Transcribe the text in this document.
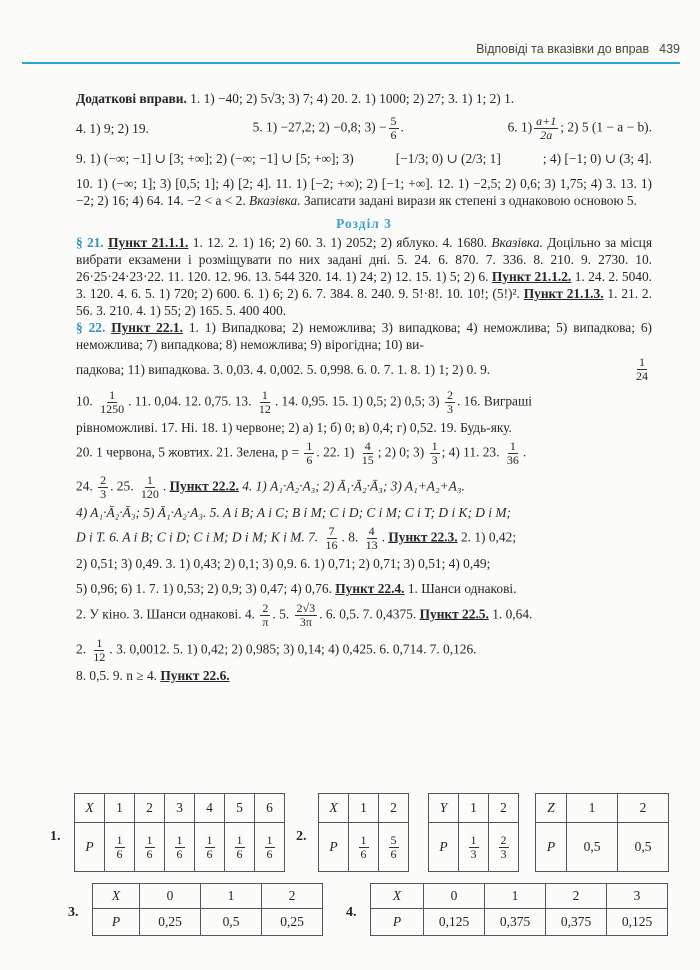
Відповіді та вказівки до вправ 439
Додаткові вправи. 1. 1) −40; 2) 5√3; 3) 7; 4) 20. 2. 1) 1000; 2) 27; 3. 1) 1; 2) 1.
4. 1) 9; 2) 19.	5. 1) −27,2; 2) −0,8; $3) - \frac{5}{6}$ .	6. $1) \frac{a+1}{2a}$ ; 2) 5 (1 − a − b).
9. 1) (−∞; −1] ∪ [3; +∞]; 2) (−∞; −1] ∪ [5; +∞]; 3)	[−1/3; 0) ∪ (2/3; 1]	; 4) [−1; 0) ∪ (3; 4].

10. 1) (−∞; 1]; 3) [0,5; 1]; 4) [2; 4]. 11. 1) [−2; +∞); 2) [−1; +∞]. 12. 1) −2,5; 2) 0,6; 3) 1,75; 4) 3. 13. 1) −2; 2) 16; 4) 64. 14. −2 < a < 2. Вказівка. Записати задані вирази як степені з однаковою основою 5.

Розділ 3

§ 21. Пункт 21.1.1. 1. 12. 2. 1) 16; 2) 60. 3. 1) 2052; 2) яблуко. 4. 1680. Вказівка. Доцільно за місця вибрати екзамени і розміщувати по них задані дні. 5. 24. 6. 870. 7. 336. 8. 210. 9. 2730. 10. 26·25·24·23·22. 11. 120. 12. 96. 13. 544 320. 14. 1) 24; 2) 12. 15. 1) 5; 2) 6. Пункт 21.1.2. 1. 24. 2. 5040. 3. 120. 4. 6. 5. 1) 720; 2) 600. 6. 1) 6; 2) 6. 7. 384. 8. 240. 9. 5!·8!. 10. 10!; (5!)². Пункт 21.1.3. 1. 21. 2. 56. 3. 210. 4. 1) 55; 2) 165. 5. 400 400.

§ 22. Пункт 22.1. 1. 1) Випадкова; 2) неможлива; 3) випадкова; 4) неможлива; 5) випадкова; 6) неможлива; 7) випадкова; 8) неможлива; 9) вірогідна; 10) ви-

падкова; 11) випадкова. 3. 0,03. 4. 0,002. 5. 0,998. 6. 0. 7. 1. 8. 1) 1; 2) 0. 9.	$\frac{1}{24}$
10. $\frac{1}{1250}$ . 11. 0,04. 12. 0,75. 13. $\frac{1}{12}$ . 14. 0,95. 15. 1) 0,5; 2) 0,5; $3) \frac{2}{3}$ . 16. Виграші
рівноможливі. 17. Ні. 18. 1) червоне; 2) а) 1; б) 0; в) 0,4; г) 0,52. 19. Будь-яку.
20. 1 червона, 5 жовтих. 21. Зелена, $p = \frac{1}{6}$ . 22. $1) \frac{4}{15}$ ; 2) 0; $3) \frac{1}{3}$ ; 4) 11. 23. $\frac{1}{36}$ .
24. $\frac{2}{3}$ . 25. $\frac{1}{120}$ . Пункт 22.2. 4. 1) A₁·A₂·A₃; 2) Ā₁·Ā₂·Ā₃; 3) A₁+A₂+A₃.
4) A₁·Ā₂·Ā₃; 5) Ā₁·A₂·A₃. 5. A і B; A і C; B і M; C і D; C і M; C і T; D і K; D і M;
D і T. 6. A і B; C і D; C і M; D і M; K і M. 7. $\frac{7}{16}$ . 8. $\frac{4}{13}$ . Пункт 22.3. 2. 1) 0,42;
2) 0,51; 3) 0,49. 3. 1) 0,43; 2) 0,1; 3) 0,9. 6. 1) 0,71; 2) 0,71; 3) 0,51; 4) 0,49;
5) 0,96; 6) 1. 7. 1) 0,53; 2) 0,9; 3) 0,47; 4) 0,76. Пункт 22.4. 1. Шанси однакові.
2. У кіно. 3. Шанси однакові. 4. $\frac{2}{\pi}$ . 5. $\frac{2√3}{3\pi}$ . 6. 0,5. 7. 0,4375. Пункт 22.5. 1. 0,64.
2. $\frac{1}{12}$ . 3. 0,0012. 5. 1) 0,42; 2) 0,985; 3) 0,14; 4) 0,425. 6. 0,714. 7. 0,126.
8. 0,5. 9. n ≥ 4. Пункт 22.6.
1.
X	1	2	3	4	5	6
P	$\frac{1}{6}$	$\frac{1}{6}$	$\frac{1}{6}$	$\frac{1}{6}$	$\frac{1}{6}$	$\frac{1}{6} 2$.
X	1	2
P	$\frac{1}{6}$	$\frac{5}{6}$
Y	1	2
P	$\frac{1}{3}$	$\frac{2}{3}$
Z	1	2
P	0,5	0,5
3.
X	0	1	2
P	0,25	0,5	0,25
4.
X	0	1	2	3
P	0,125	0,375	0,375	0,125
